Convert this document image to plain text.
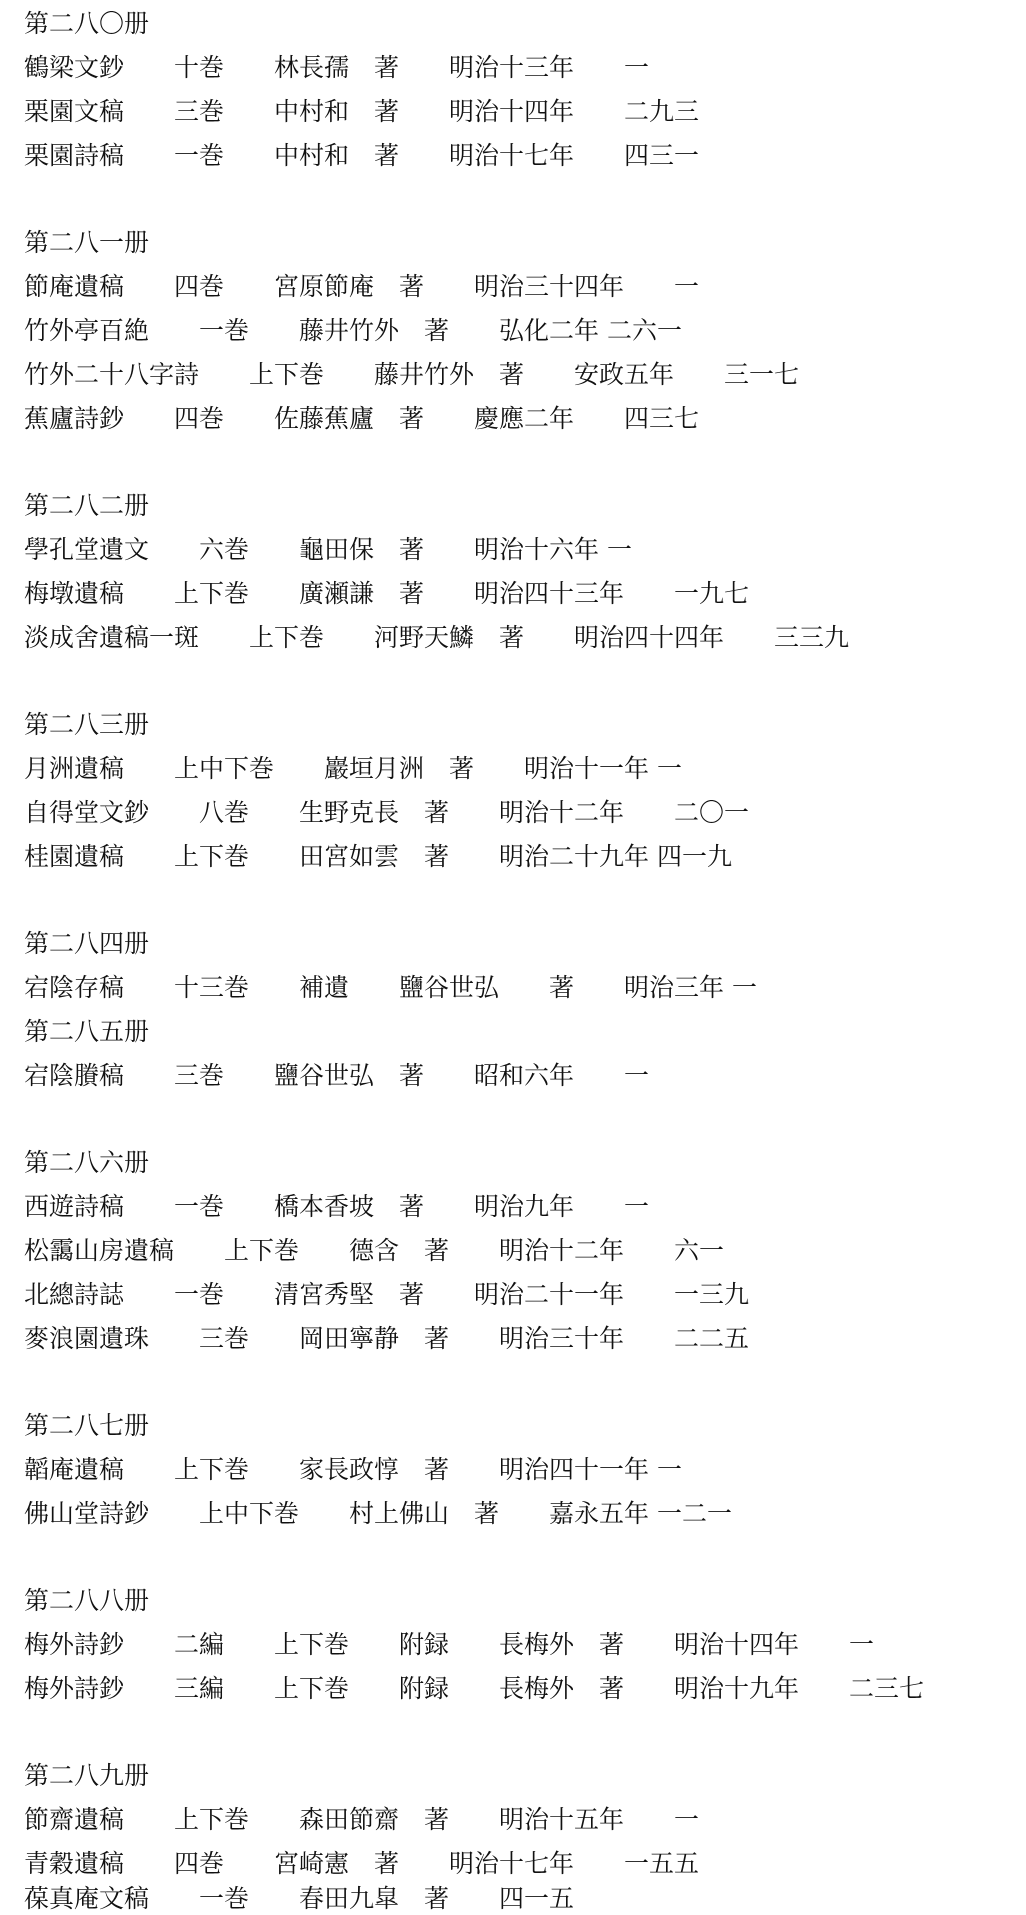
第二八〇册
鶴梁文鈔　　十巻　　林長孺　著　　明治十三年　　一
栗園文稿　　三巻　　中村和　著　　明治十四年　　二九三
栗園詩稿　　一巻　　中村和　著　　明治十七年　　四三一
第二八一册
節庵遺稿　　四巻　　宮原節庵　著　　明治三十四年　　一
竹外亭百絶　　一巻　　藤井竹外　著　　弘化二年 二六一
竹外二十八字詩　　上下巻　　藤井竹外　著　　安政五年　　三一七
蕉廬詩鈔　　四巻　　佐藤蕉廬　著　　慶應二年　　四三七
第二八二册
學孔堂遺文　　六巻　　龜田保　著　　明治十六年 一
梅墩遺稿　　上下巻　　廣瀬謙　著　　明治四十三年　　一九七
淡成舍遺稿一斑　　上下巻　　河野天鱗　著　　明治四十四年　　三三九
第二八三册
月洲遺稿　　上中下巻　　巖垣月洲　著　　明治十一年 一
自得堂文鈔　　八巻　　生野克長　著　　明治十二年　　二〇一
桂園遺稿　　上下巻　　田宮如雲　著　　明治二十九年 四一九
第二八四册
宕陰存稿　　十三巻　　補遺　　鹽谷世弘　　著　　明治三年 一
第二八五册
宕陰賸稿　　三巻　　鹽谷世弘　著　　昭和六年　　一
第二八六册
西遊詩稿　　一巻　　橋本香坡　著　　明治九年　　一
松靄山房遺稿　　上下巻　　德含　著　　明治十二年　　六一
北總詩誌　　一巻　　清宮秀堅　著　　明治二十一年　　一三九
麥浪園遺珠　　三巻　　岡田寧静　著　　明治三十年　　二二五
第二八七册
韜庵遺稿　　上下巻　　家長政惇　著　　明治四十一年 一
佛山堂詩鈔　　上中下巻　　村上佛山　著　　嘉永五年 一二一
第二八八册
梅外詩鈔　　二編　　上下巻　　附録　　長梅外　著　　明治十四年　　一
梅外詩鈔　　三編　　上下巻　　附録　　長梅外　著　　明治十九年　　二三七
第二八九册
節齋遺稿　　上下巻　　森田節齋　著　　明治十五年　　一
青穀遺稿　　四巻　　宮崎憲　著　　明治十七年　　一五五
葆真庵文稿　　一巻　　春田九皐　著　　四一五
